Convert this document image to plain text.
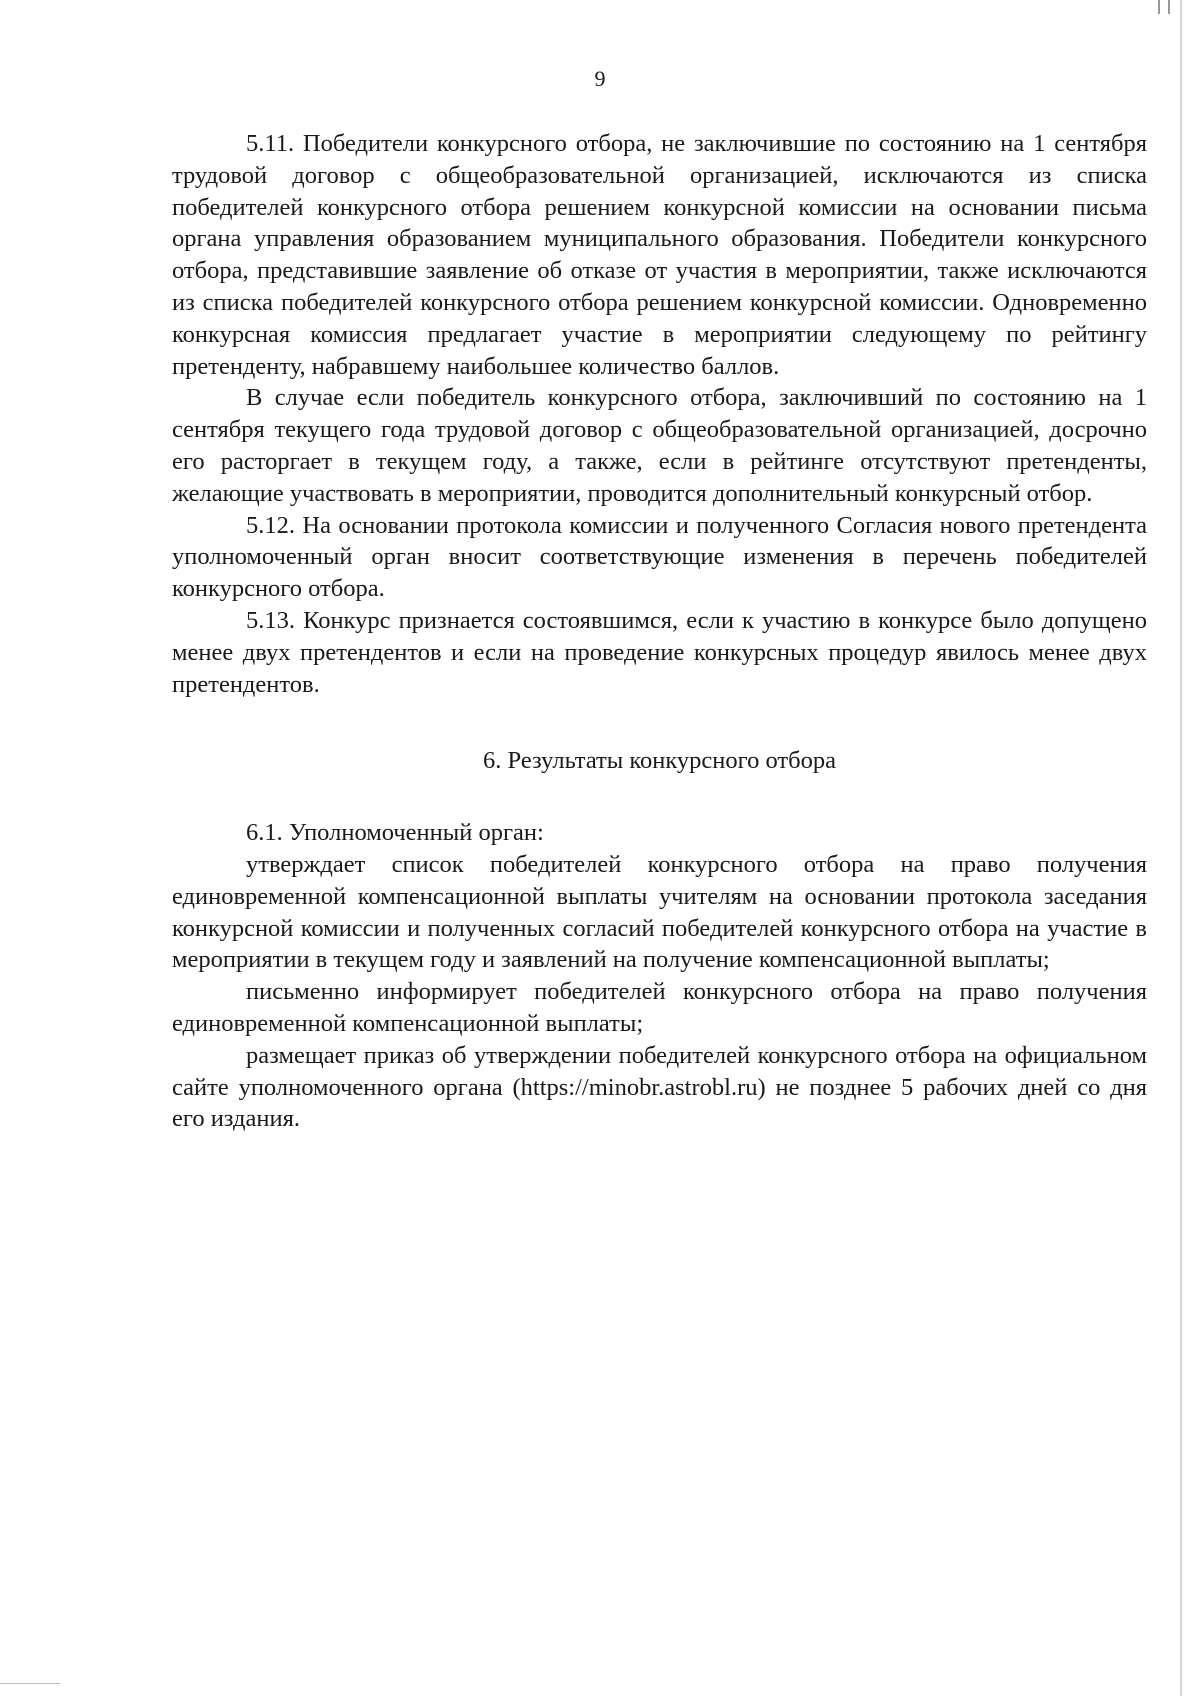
9

5.11. Победители конкурсного отбора, не заключившие по состоянию на 1 сентября трудовой договор с общеобразовательной организацией, исключаются из списка победителей конкурсного отбора решением конкурсной комиссии на основании письма органа управления образованием муниципального образования. Победители конкурсного отбора, представившие заявление об отказе от участия в мероприятии, также исключаются из списка победителей конкурсного отбора решением конкурсной комиссии. Одновременно конкурсная комиссия предлагает участие в мероприятии следующему по рейтингу претенденту, набравшему наибольшее количество баллов.

В случае если победитель конкурсного отбора, заключивший по состоянию на 1 сентября текущего года трудовой договор с общеобразовательной организацией, досрочно его расторгает в текущем году, а также, если в рейтинге отсутствуют претенденты, желающие участвовать в мероприятии, проводится дополнительный конкурсный отбор.

5.12. На основании протокола комиссии и полученного Согласия нового претендента уполномоченный орган вносит соответствующие изменения в перечень победителей конкурсного отбора.

5.13. Конкурс признается состоявшимся, если к участию в конкурсе было допущено менее двух претендентов и если на проведение конкурсных процедур явилось менее двух претендентов.

6. Результаты конкурсного отбора

6.1. Уполномоченный орган:

утверждает список победителей конкурсного отбора на право получения единовременной компенсационной выплаты учителям на основании протокола заседания конкурсной комиссии и полученных согласий победителей конкурсного отбора на участие в мероприятии в текущем году и заявлений на получение компенсационной выплаты;

письменно информирует победителей конкурсного отбора на право получения единовременной компенсационной выплаты;

размещает приказ об утверждении победителей конкурсного отбора на официальном сайте уполномоченного органа (https://minobr.astrobl.ru) не позднее 5 рабочих дней со дня его издания.
